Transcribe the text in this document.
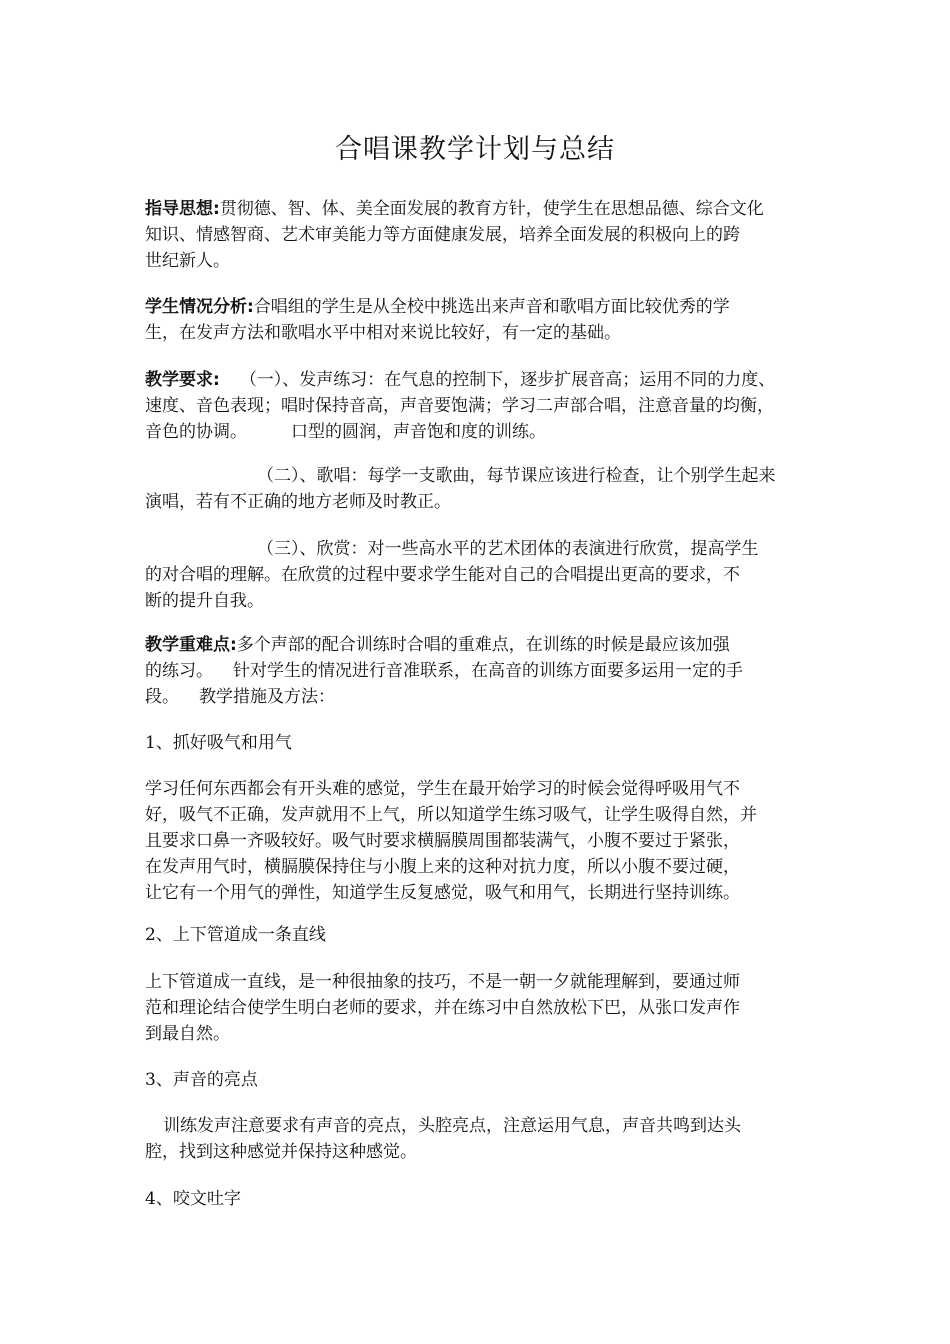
合唱课教学计划与总结
指导思想:贯彻德、智、体、美全面发展的教育方针，使学生在思想品德、综合文化
知识、情感智商、艺术审美能力等方面健康发展，培养全面发展的积极向上的跨
世纪新人。
学生情况分析:合唱组的学生是从全校中挑选出来声音和歌唱方面比较优秀的学
生，在发声方法和歌唱水平中相对来说比较好，有一定的基础。
教学要求: （一）、发声练习：在气息的控制下，逐步扩展音高；运用不同的力度、
速度、音色表现；唱时保持音高，声音要饱满；学习二声部合唱，注意音量的均衡，
音色的协调。	口型的圆润，声音饱和度的训练。
（二）、歌唱：每学一支歌曲，每节课应该进行检查，让个别学生起来
演唱，若有不正确的地方老师及时教正。
（三）、欣赏：对一些高水平的艺术团体的表演进行欣赏，提高学生
的对合唱的理解。在欣赏的过程中要求学生能对自己的合唱提出更高的要求，不
断的提升自我。
教学重难点:多个声部的配合训练时合唱的重难点，在训练的时候是最应该加强
的练习。 针对学生的情况进行音准联系，在高音的训练方面要多运用一定的手
段。 教学措施及方法：
1、抓好吸气和用气
学习任何东西都会有开头难的感觉，学生在最开始学习的时候会觉得呼吸用气不
好，吸气不正确，发声就用不上气，所以知道学生练习吸气，让学生吸得自然，并
且要求口鼻一齐吸较好。吸气时要求横膈膜周围都装满气，小腹不要过于紧张，
在发声用气时，横膈膜保持住与小腹上来的这种对抗力度，所以小腹不要过硬，
让它有一个用气的弹性，知道学生反复感觉，吸气和用气，长期进行坚持训练。
2、上下管道成一条直线
上下管道成一直线，是一种很抽象的技巧，不是一朝一夕就能理解到，要通过师
范和理论结合使学生明白老师的要求，并在练习中自然放松下巴，从张口发声作
到最自然。
3、声音的亮点
训练发声注意要求有声音的亮点，头腔亮点，注意运用气息，声音共鸣到达头
腔，找到这种感觉并保持这种感觉。
4、咬文吐字
